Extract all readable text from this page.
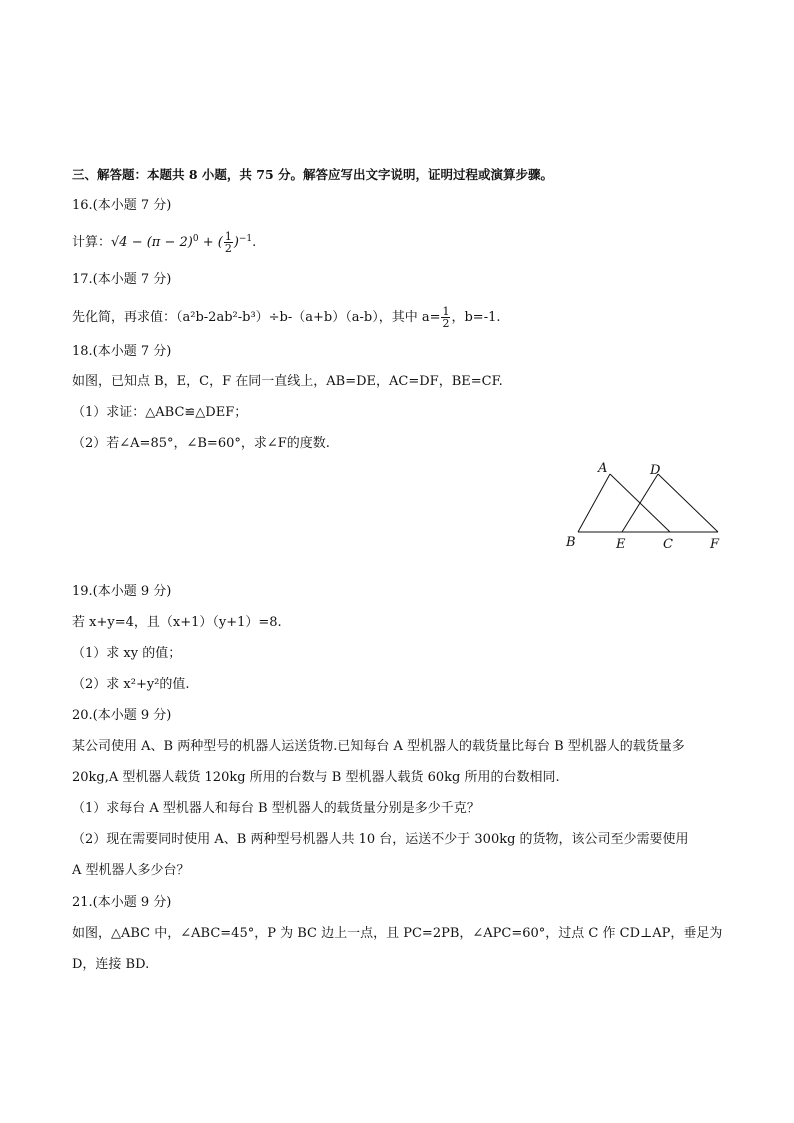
三、解答题：本题共 8 小题，共 75 分。解答应写出文字说明，证明过程或演算步骤。
16.(本小题 7 分)
计算：$√4 - (\pi - 2)^0$ + ( $\frac{1}{2} )^{-1}$.
17.(本小题 7 分)
先化简，再求值：（a²b-2ab²-b³）÷b-（a+b）（a-b），其中 $a= \frac{1}{2}$ ，b=-1.
18.(本小题 7 分)
如图，已知点 B，E，C，F 在同一直线上，AB=DE，AC=DF，BE=CF.
（1）求证：△ABC≌△DEF；
（2）若∠A=85°，∠B=60°，求∠F的度数.
A	D
B	E	C	F
19.(本小题 9 分)
若 x+y=4，且（x+1）（y+1）=8.
（1）求 xy 的值；
（2）求 x²+y²的值.
20.(本小题 9 分)
某公司使用 A、B 两种型号的机器人运送货物.已知每台 A 型机器人的载货量比每台 B 型机器人的载货量多
20kg,A 型机器人载货 120kg 所用的台数与 B 型机器人载货 60kg 所用的台数相同.
（1）求每台 A 型机器人和每台 B 型机器人的载货量分别是多少千克？
（2）现在需要同时使用 A、B 两种型号机器人共 10 台，运送不少于 300kg 的货物，该公司至少需要使用
A 型机器人多少台？
21.(本小题 9 分)
如图，△ABC 中，∠ABC=45°，P 为 BC 边上一点，且 PC=2PB，∠APC=60°，过点 C 作 CD⊥AP，垂足为
D，连接 BD.
